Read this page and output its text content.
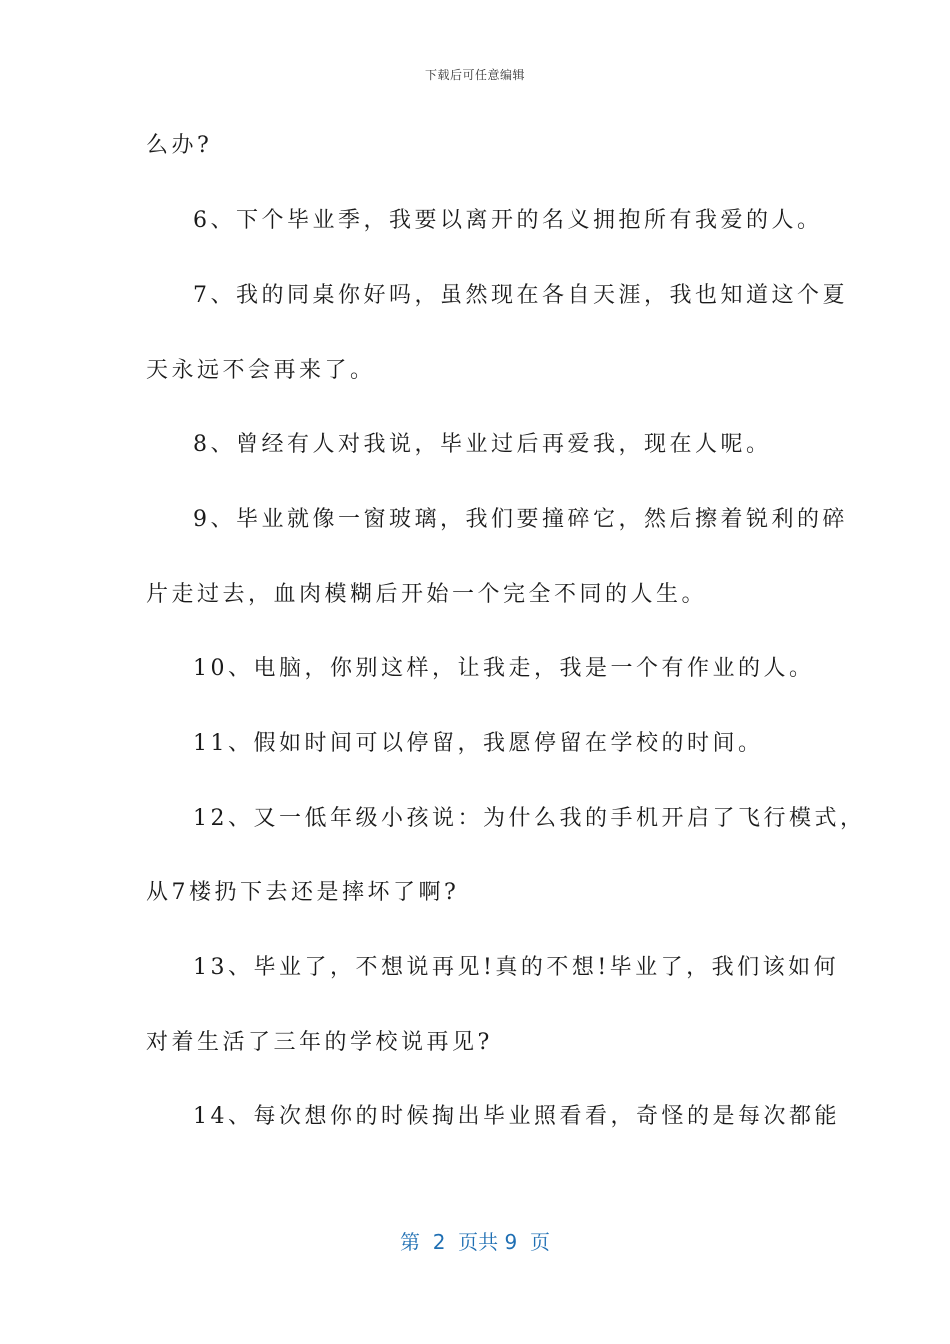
下载后可任意编辑
么办?
6、下个毕业季，我要以离开的名义拥抱所有我爱的人。
7、我的同桌你好吗，虽然现在各自天涯，我也知道这个夏
天永远不会再来了。
8、曾经有人对我说，毕业过后再爱我，现在人呢。
9、毕业就像一窗玻璃，我们要撞碎它，然后擦着锐利的碎
片走过去，血肉模糊后开始一个完全不同的人生。
10、电脑，你别这样，让我走，我是一个有作业的人。
11、假如时间可以停留，我愿停留在学校的时间。
12、又一低年级小孩说：为什么我的手机开启了飞行模式，
从7楼扔下去还是摔坏了啊?
13、毕业了，不想说再见!真的不想!毕业了，我们该如何
对着生活了三年的学校说再见?
14、每次想你的时候掏出毕业照看看，奇怪的是每次都能
第  2  页共 9  页
